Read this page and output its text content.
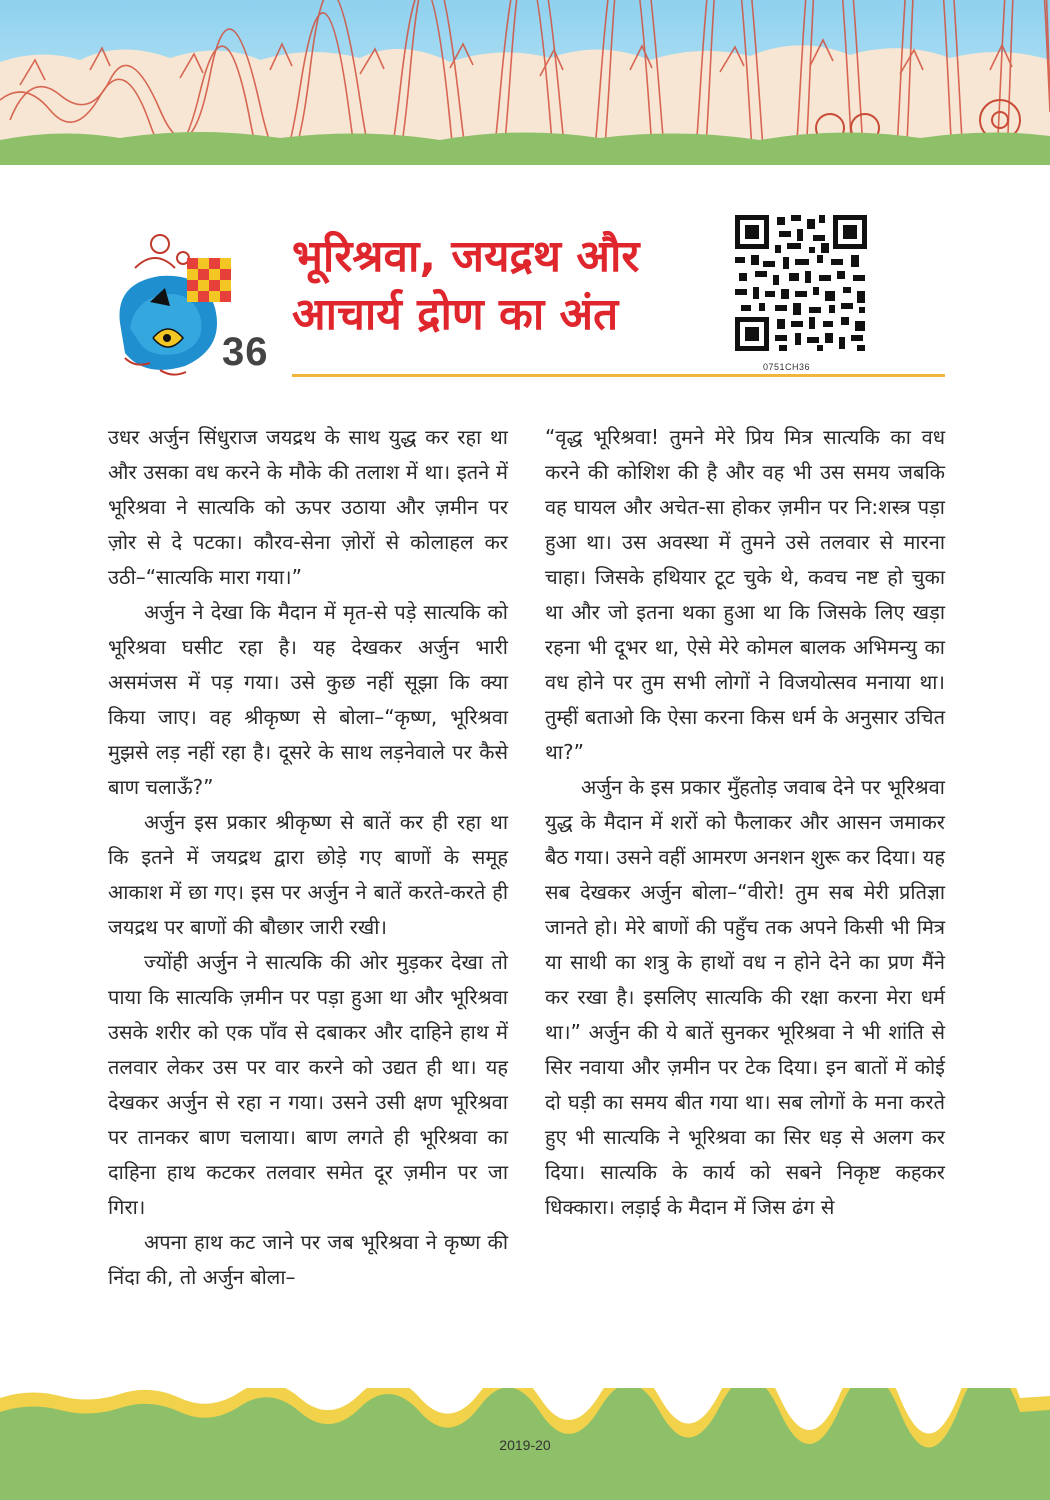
36
भूरिश्रवा, जयद्रथ और
आचार्य द्रोण का अंत
0751CH36

उधर अर्जुन सिंधुराज जयद्रथ के साथ युद्ध कर रहा था और उसका वध करने के मौके की तलाश में था। इतने में भूरिश्रवा ने सात्यकि को ऊपर उठाया और ज़मीन पर ज़ोर से दे पटका। कौरव-सेना ज़ोरों से कोलाहल कर उठी–“सात्यकि मारा गया।”

अर्जुन ने देखा कि मैदान में मृत-से पड़े सात्यकि को भूरिश्रवा घसीट रहा है। यह देखकर अर्जुन भारी असमंजस में पड़ गया। उसे कुछ नहीं सूझा कि क्या किया जाए। वह श्रीकृष्ण से बोला–“कृष्ण, भूरिश्रवा मुझसे लड़ नहीं रहा है। दूसरे के साथ लड़नेवाले पर कैसे बाण चलाऊँ?”

अर्जुन इस प्रकार श्रीकृष्ण से बातें कर ही रहा था कि इतने में जयद्रथ द्वारा छोड़े गए बाणों के समूह आकाश में छा गए। इस पर अर्जुन ने बातें करते-करते ही जयद्रथ पर बाणों की बौछार जारी रखी।

ज्योंही अर्जुन ने सात्यकि की ओर मुड़कर देखा तो पाया कि सात्यकि ज़मीन पर पड़ा हुआ था और भूरिश्रवा उसके शरीर को एक पाँव से दबाकर और दाहिने हाथ में तलवार लेकर उस पर वार करने को उद्यत ही था। यह देखकर अर्जुन से रहा न गया। उसने उसी क्षण भूरिश्रवा पर तानकर बाण चलाया। बाण लगते ही भूरिश्रवा का दाहिना हाथ कटकर तलवार समेत दूर ज़मीन पर जा गिरा।

अपना हाथ कट जाने पर जब भूरिश्रवा ने कृष्ण की निंदा की, तो अर्जुन बोला–

“वृद्ध भूरिश्रवा! तुमने मेरे प्रिय मित्र सात्यकि का वध करने की कोशिश की है और वह भी उस समय जबकि वह घायल और अचेत-सा होकर ज़मीन पर नि:शस्त्र पड़ा हुआ था। उस अवस्था में तुमने उसे तलवार से मारना चाहा। जिसके हथियार टूट चुके थे, कवच नष्ट हो चुका था और जो इतना थका हुआ था कि जिसके लिए खड़ा रहना भी दूभर था, ऐसे मेरे कोमल बालक अभिमन्यु का वध होने पर तुम सभी लोगों ने विजयोत्सव मनाया था। तुम्हीं बताओ कि ऐसा करना किस धर्म के अनुसार उचित था?”

अर्जुन के इस प्रकार मुँहतोड़ जवाब देने पर भूरिश्रवा युद्ध के मैदान में शरों को फैलाकर और आसन जमाकर बैठ गया। उसने वहीं आमरण अनशन शुरू कर दिया। यह सब देखकर अर्जुन बोला–“वीरो! तुम सब मेरी प्रतिज्ञा जानते हो। मेरे बाणों की पहुँच तक अपने किसी भी मित्र या साथी का शत्रु के हाथों वध न होने देने का प्रण मैंने कर रखा है। इसलिए सात्यकि की रक्षा करना मेरा धर्म था।” अर्जुन की ये बातें सुनकर भूरिश्रवा ने भी शांति से सिर नवाया और ज़मीन पर टेक दिया। इन बातों में कोई दो घड़ी का समय बीत गया था। सब लोगों के मना करते हुए भी सात्यकि ने भूरिश्रवा का सिर धड़ से अलग कर दिया। सात्यकि के कार्य को सबने निकृष्ट कहकर धिक्कारा। लड़ाई के मैदान में जिस ढंग से

2019-20
